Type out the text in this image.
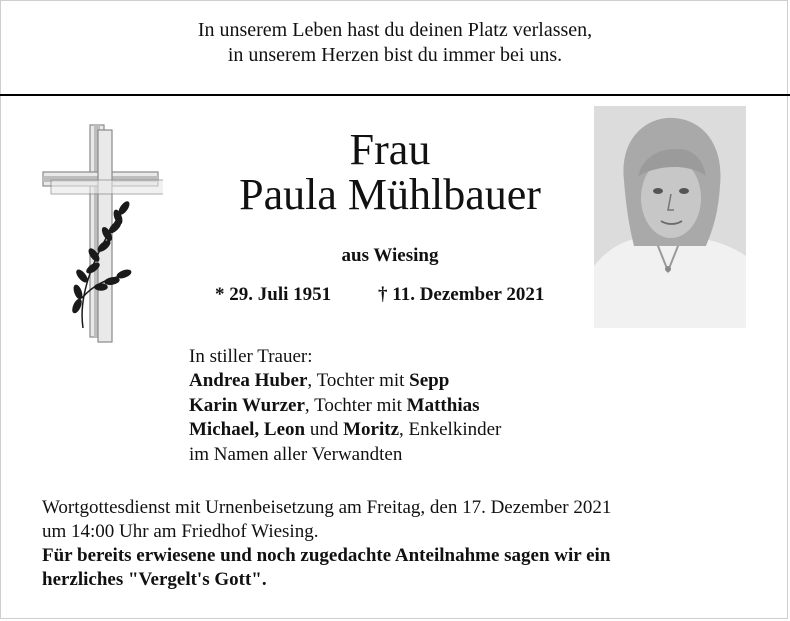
In unserem Leben hast du deinen Platz verlassen,
in unserem Herzen bist du immer bei uns.
Frau
Paula Mühlbauer
aus Wiesing
* 29. Juli 1951 † 11. Dezember 2021
In stiller Trauer:
Andrea Huber, Tochter mit Sepp
Karin Wurzer, Tochter mit Matthias
Michael, Leon und Moritz, Enkelkinder
im Namen aller Verwandten
Wortgottesdienst mit Urnenbeisetzung am Freitag, den 17. Dezember 2021
um 14:00 Uhr am Friedhof Wiesing.
Für bereits erwiesene und noch zugedachte Anteilnahme sagen wir ein
herzliches "Vergelt's Gott".
